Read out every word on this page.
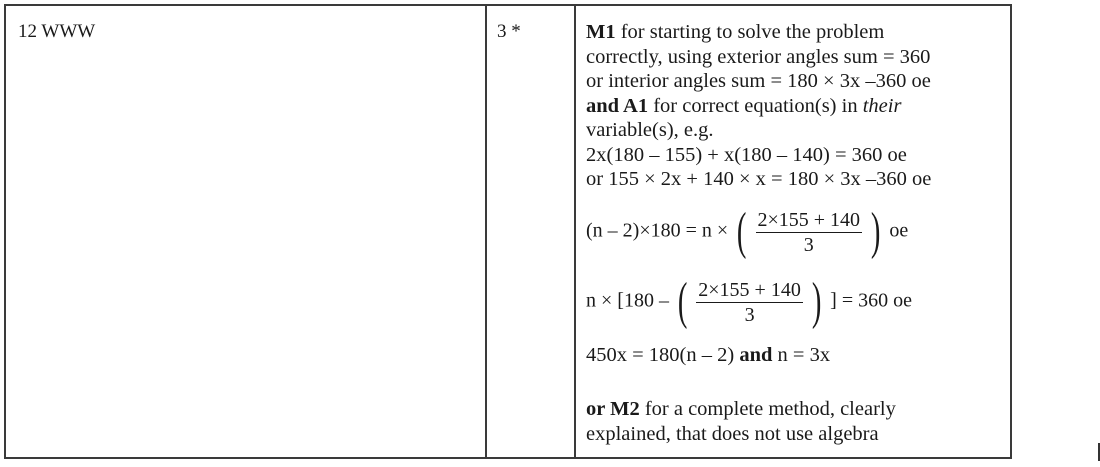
12 WWW	3 *	M1 for starting to solve the problem
correctly, using exterior angles sum = 360
or interior angles sum = 180 × 3x –360 oe
and A1 for correct equation(s) in their
variable(s), e.g.
2x(180 – 155) + x(180 – 140) = 360 oe
or 155 × 2x + 140 × x = 180 × 3x –360 oe
(n – 2)×180 = n × ( $\frac{2\times 155 + 140}{3}$ ) oe
n × [180 – ( $\frac{2\times 155 + 140}{3}$ ) ] = 360 oe
450x = 180(n – 2) and n = 3x
or M2 for a complete method, clearly
explained, that does not use algebra
